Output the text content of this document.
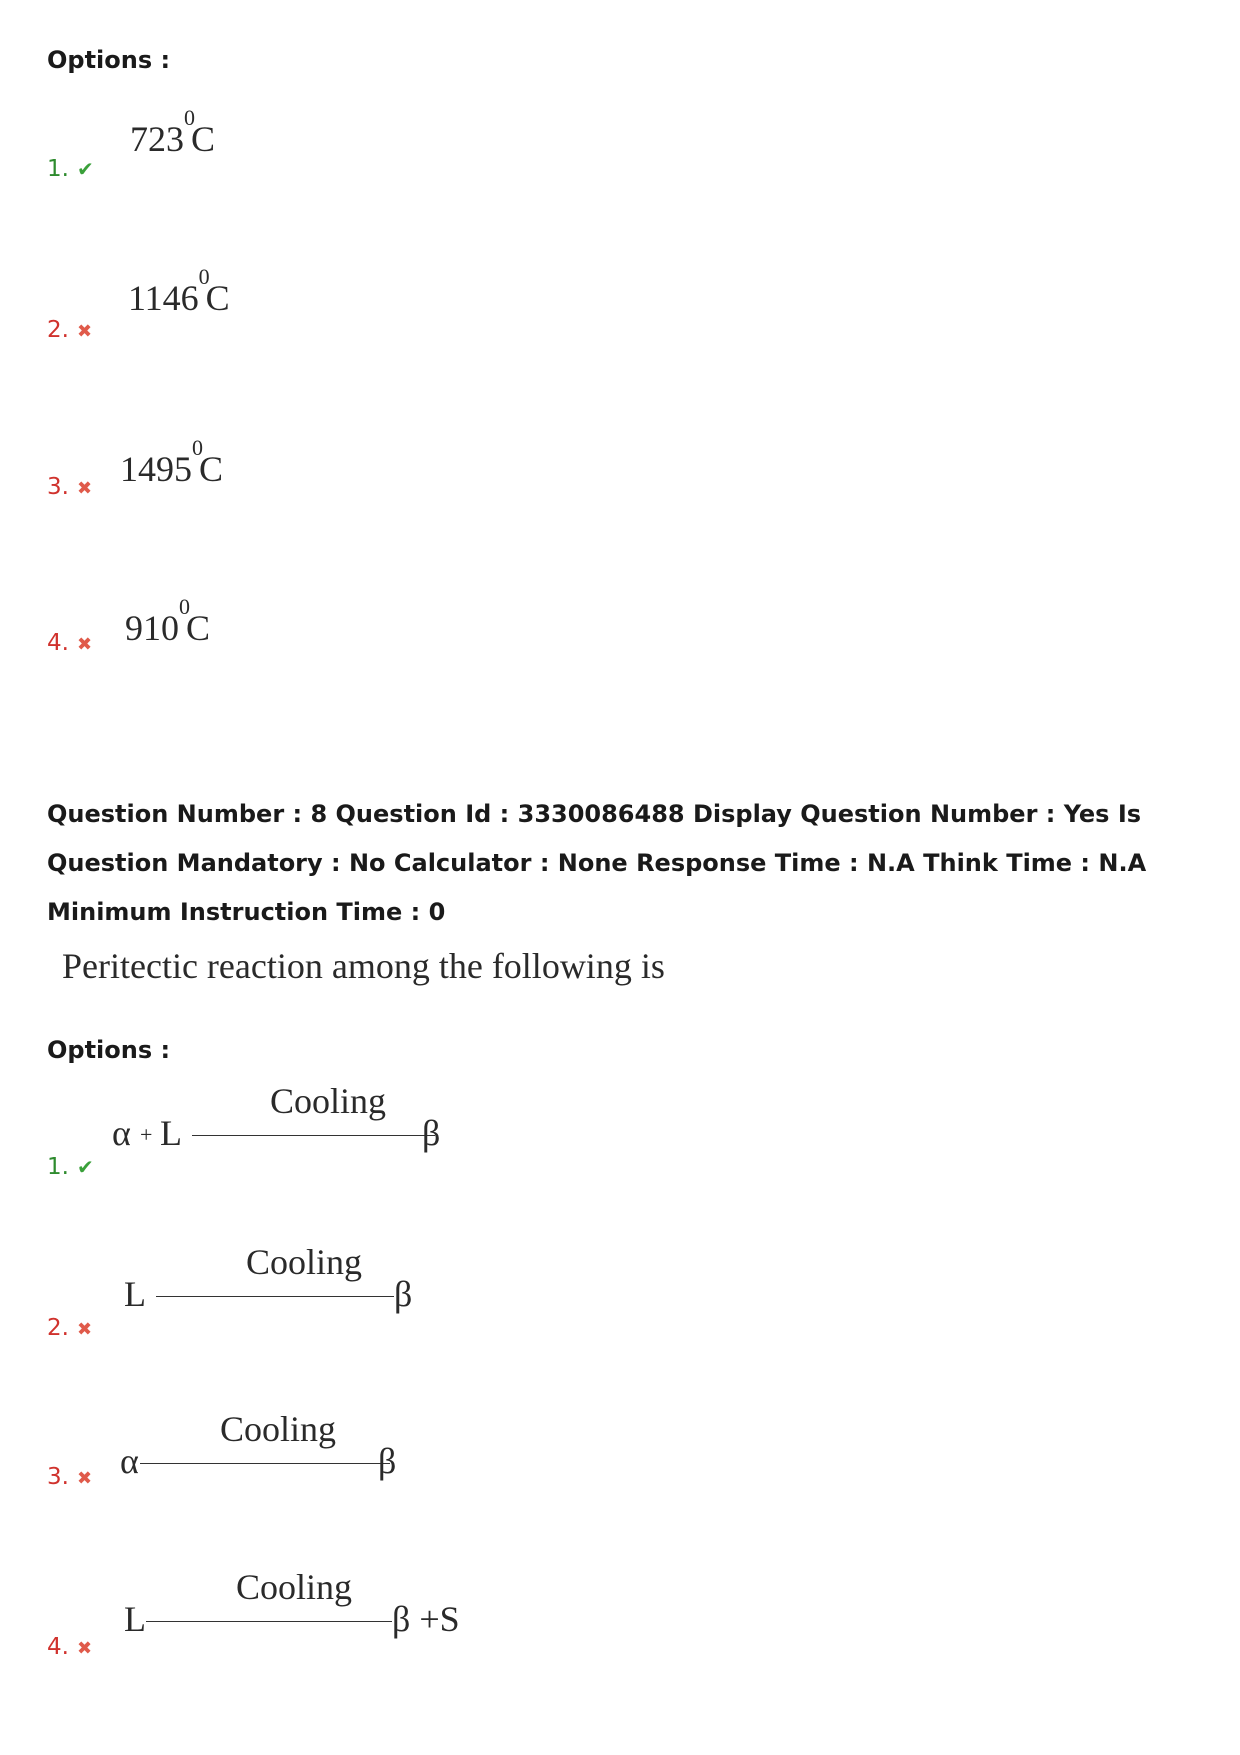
Options :
1. ✔
$723^0C$
2. ✖
1146$^0$C
3. ✖ 1495$^0$C
4. ✖ $910^0C$
Question Number : 8 Question Id : 3330086488 Display Question Number : Yes Is Question Mandatory : No Calculator : None Response Time : N.A Think Time : N.A Minimum Instruction Time : 0
Peritectic reaction among the following is
Options :
1. ✔
α + L
Cooling
β
2. ✖
L
Cooling
β
3. ✖ α
Cooling
β
4. ✖
L
Cooling
β +S
